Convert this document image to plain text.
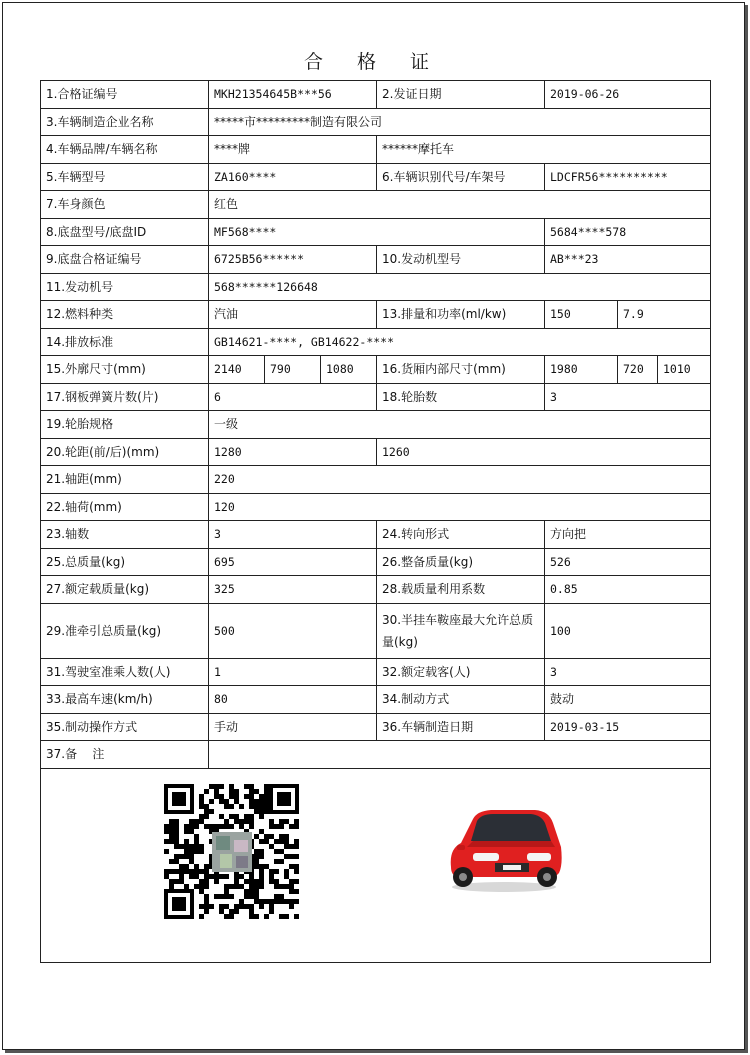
合 格 证
1.合格证编号	MKH21354645B***56			2.发证日期	2019-06-26		
3.车辆制造企业名称	*****市*********制造有限公司						
4.车辆品牌/车辆名称	****牌			******摩托车			
5.车辆型号	ZA160****			6.车辆识别代号/车架号	LDCFR56**********		
7.车身颜色	红色						
8.底盘型号/底盘ID	MF568****				5684****578		
9.底盘合格证编号	6725B56******			10.发动机型号	AB***23		
11.发动机号	568******126648						
12.燃料种类	汽油			13.排量和功率(ml/kw)	150	7.9	
14.排放标准	GB14621-****, GB14622-****						
15.外廓尺寸(mm)	2140	790	1080	16.货厢内部尺寸(mm)	1980	720	1010
17.钢板弹簧片数(片)	6			18.轮胎数	3		
19.轮胎规格	一级						
20.轮距(前/后)(mm)	1280			1260			
21.轴距(mm)	220						
22.轴荷(mm)	120						
23.轴数	3			24.转向形式	方向把		
25.总质量(kg)	695			26.整备质量(kg)	526		
27.额定载质量(kg)	325			28.载质量利用系数	0.85		
29.准牵引总质量(kg)	500			30.半挂车鞍座最大允许总质量(kg)	100		
31.驾驶室准乘人数(人)	1			32.额定载客(人)	3		
33.最高车速(km/h)	80			34.制动方式	鼓动		
35.制动操作方式	手动			36.车辆制造日期	2019-03-15		
37.备    注							
